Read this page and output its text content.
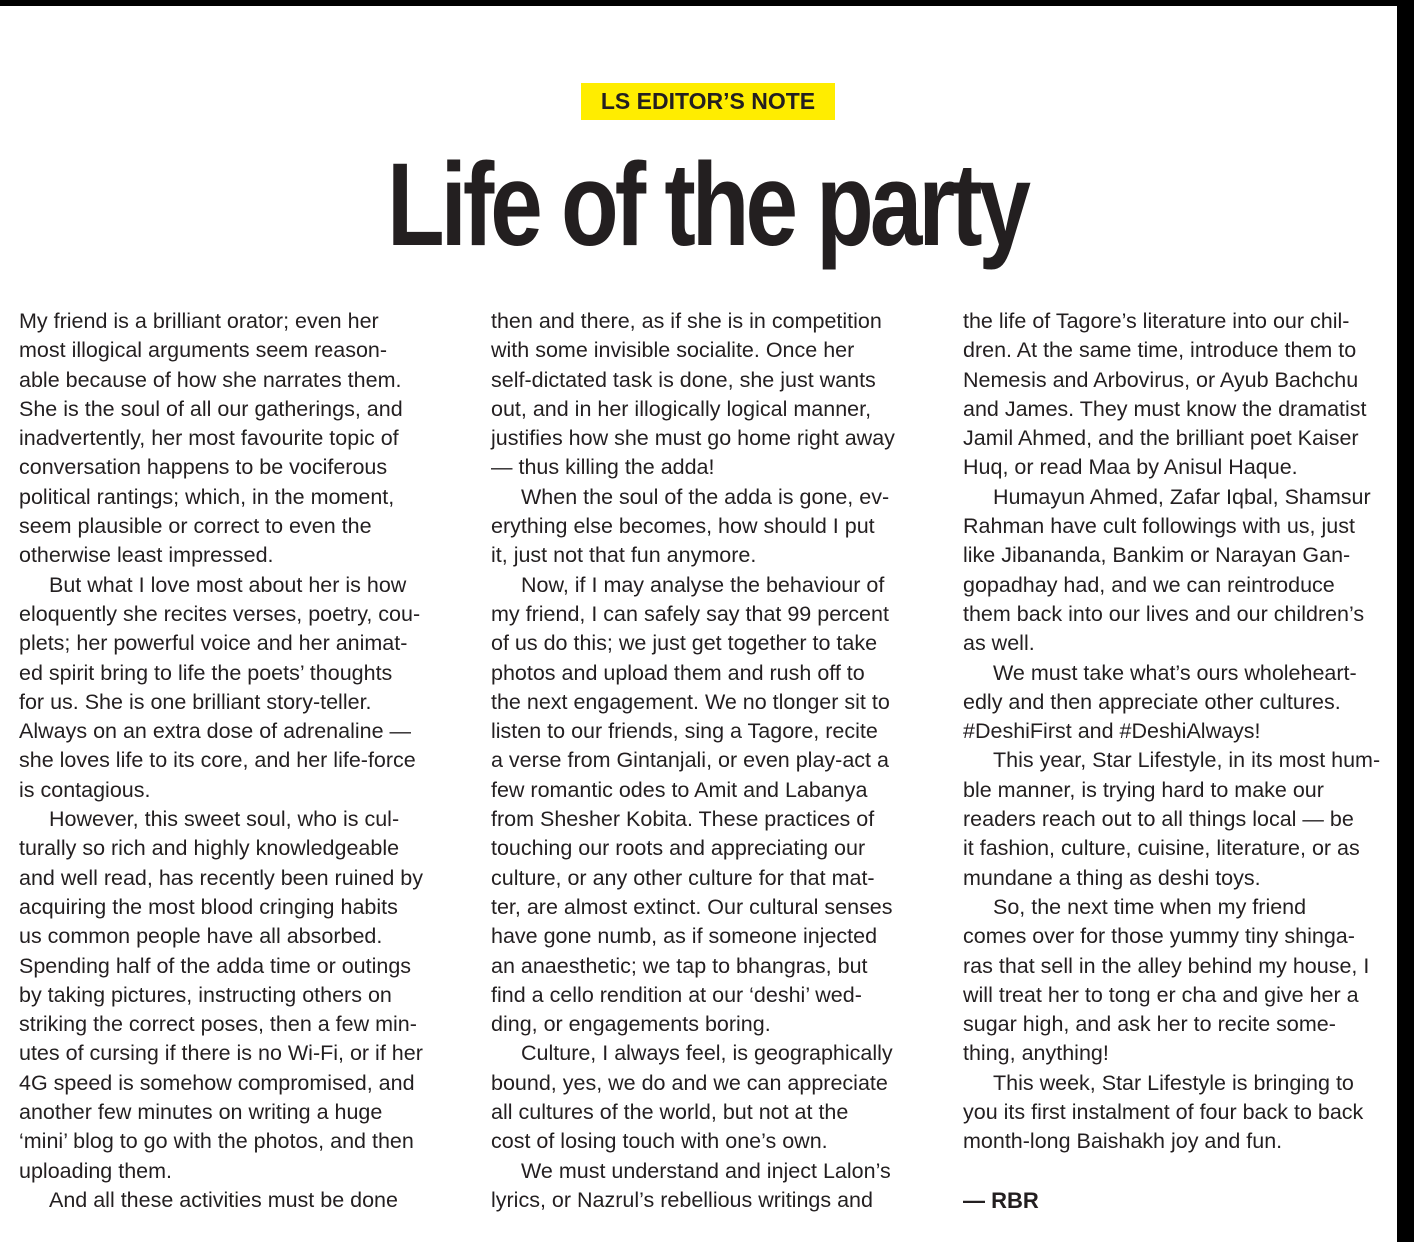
LS EDITOR’S NOTE
Life of the party
My friend is a brilliant orator; even her
most illogical arguments seem reason-
able because of how she narrates them.
She is the soul of all our gatherings, and
inadvertently, her most favourite topic of
conversation happens to be vociferous
political rantings; which, in the moment,
seem plausible or correct to even the
otherwise least impressed.
But what I love most about her is how
eloquently she recites verses, poetry, cou-
plets; her powerful voice and her animat-
ed spirit bring to life the poets’ thoughts
for us. She is one brilliant story-teller.
Always on an extra dose of adrenaline —
she loves life to its core, and her life-force
is contagious.
However, this sweet soul, who is cul-
turally so rich and highly knowledgeable
and well read, has recently been ruined by
acquiring the most blood cringing habits
us common people have all absorbed.
Spending half of the adda time or outings
by taking pictures, instructing others on
striking the correct poses, then a few min-
utes of cursing if there is no Wi-Fi, or if her
4G speed is somehow compromised, and
another few minutes on writing a huge
‘mini’ blog to go with the photos, and then
uploading them.
And all these activities must be done
then and there, as if she is in competition
with some invisible socialite. Once her
self-dictated task is done, she just wants
out, and in her illogically logical manner,
justifies how she must go home right away
— thus killing the adda!
When the soul of the adda is gone, ev-
erything else becomes, how should I put
it, just not that fun anymore.
Now, if I may analyse the behaviour of
my friend, I can safely say that 99 percent
of us do this; we just get together to take
photos and upload them and rush off to
the next engagement. We no tlonger sit to
listen to our friends, sing a Tagore, recite
a verse from Gintanjali, or even play-act a
few romantic odes to Amit and Labanya
from Shesher Kobita. These practices of
touching our roots and appreciating our
culture, or any other culture for that mat-
ter, are almost extinct. Our cultural senses
have gone numb, as if someone injected
an anaesthetic; we tap to bhangras, but
find a cello rendition at our ‘deshi’ wed-
ding, or engagements boring.
Culture, I always feel, is geographically
bound, yes, we do and we can appreciate
all cultures of the world, but not at the
cost of losing touch with one’s own.
We must understand and inject Lalon’s
lyrics, or Nazrul’s rebellious writings and
the life of Tagore’s literature into our chil-
dren. At the same time, introduce them to
Nemesis and Arbovirus, or Ayub Bachchu
and James. They must know the dramatist
Jamil Ahmed, and the brilliant poet Kaiser
Huq, or read Maa by Anisul Haque.
Humayun Ahmed, Zafar Iqbal, Shamsur
Rahman have cult followings with us, just
like Jibananda, Bankim or Narayan Gan-
gopadhay had, and we can reintroduce
them back into our lives and our children’s
as well.
We must take what’s ours wholeheart-
edly and then appreciate other cultures.
#DeshiFirst and #DeshiAlways!
This year, Star Lifestyle, in its most hum-
ble manner, is trying hard to make our
readers reach out to all things local — be
it fashion, culture, cuisine, literature, or as
mundane a thing as deshi toys.
So, the next time when my friend
comes over for those yummy tiny shinga-
ras that sell in the alley behind my house, I
will treat her to tong er cha and give her a
sugar high, and ask her to recite some-
thing, anything!
This week, Star Lifestyle is bringing to
you its first instalment of four back to back
month-long Baishakh joy and fun.
— RBR
